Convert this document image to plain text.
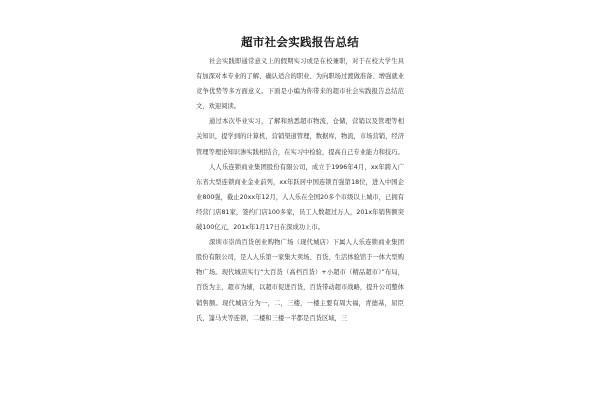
超市社会实践报告总结

社会实践即通常意义上的假期实习或是在校兼职，对于在校大学生具有加深对本专业的了解、确认适合的职业、为向职场过渡做准备、增强就业竞争优势等多方面意义。下面是小编为你带来的超市社会实践报告总结范文，欢迎阅读。

通过本次毕业实习，了解和熟悉超市物流，仓储，营销以及管理等相关知识，提学到的计算机，营销渠道管理，数据库，物流，市场营销，经济管理等理论知识渗实践相结合，在实习中检验，提高自己专业能力和技巧。

人人乐连锁商业集团股份有限公司，成立于1996年4月，xx年跨入广东省大型连锁商业金业前列，xx年跃居中国连锁百强第18位，进入中国企业800强，截止20xx年12月，人人乐在全国20多个市级以上城市，已拥有经营门店81家，签约门店100多家，员工人数超过万人，201x年销售额突破100亿元，201x年1月17日在深成功上市。

深圳市崇尚百货创业购物广场（现代城店）下属人人乐连锁商业集团股份有限公司，是人人乐第一家集大卖场、百货、生活体验馆于一体大型购物广场。现代城店实行“大百货（高档百货）+小超市（精品超市）”布局，百货为主，超市为辅，以超市促进百货，百货带动超市战略，提升公司整体销售额。现代城店分为一，二，三楼，一楼主要有周大福，青德基，屈臣氏，篷马夫等连锁，二楼和三楼一半都是百货区域，三
